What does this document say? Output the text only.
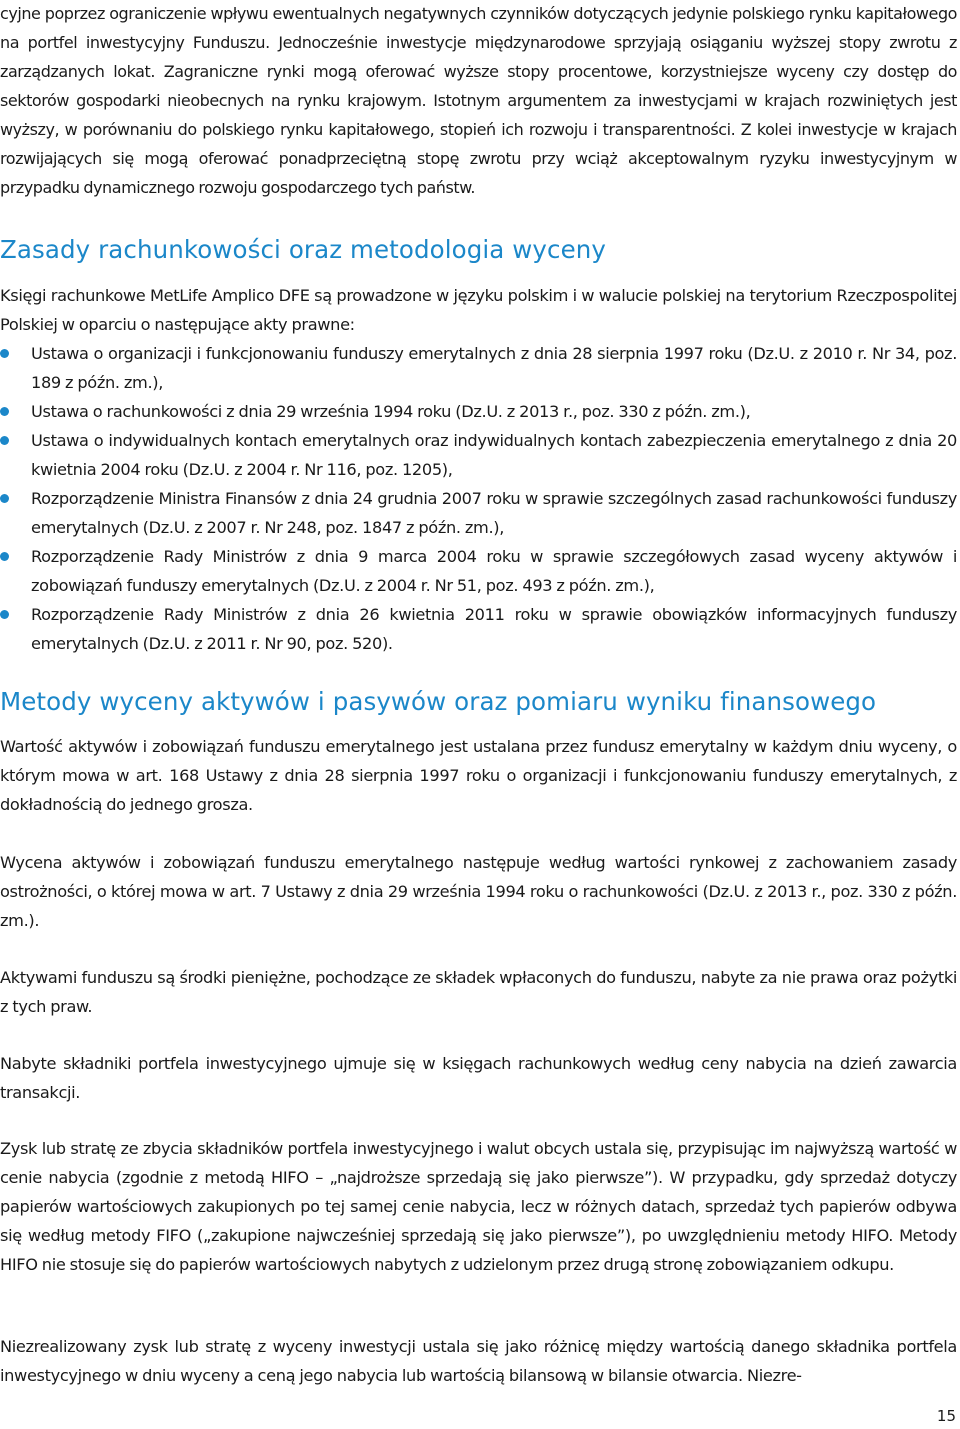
cyjne poprzez ograniczenie wpływu ewentualnych negatywnych czynników dotyczących jedynie polskiego rynku kapitałowego na portfel inwestycyjny Funduszu. Jednocześnie inwestycje międzynarodowe sprzyjają osiąganiu wyższej stopy zwrotu z zarządzanych lokat. Zagraniczne rynki mogą oferować wyższe stopy procentowe, korzystniejsze wyceny czy dostęp do sektorów gospodarki nieobecnych na rynku krajowym. Istotnym argumentem za inwestycjami w krajach rozwiniętych jest wyższy, w porównaniu do polskiego rynku kapitałowego, stopień ich rozwoju i transparentności. Z kolei inwestycje w krajach rozwijających się mogą oferować ponadprzeciętną stopę zwrotu przy wciąż akceptowalnym ryzyku inwestycyjnym w przypadku dynamicznego rozwoju gospodarczego tych państw.

Zasady rachunkowości oraz metodologia wyceny

Księgi rachunkowe MetLife Amplico DFE są prowadzone w języku polskim i w walucie polskiej na terytorium Rzeczpospolitej Polskiej w oparciu o następujące akty prawne:

Ustawa o organizacji i funkcjonowaniu funduszy emerytalnych z dnia 28 sierpnia 1997 roku (Dz.U. z 2010 r. Nr 34, poz. 189 z późn. zm.),
Ustawa o rachunkowości z dnia 29 września 1994 roku (Dz.U. z 2013 r., poz. 330 z późn. zm.),
Ustawa o indywidualnych kontach emerytalnych oraz indywidualnych kontach zabezpieczenia emerytalnego z dnia 20 kwietnia 2004 roku (Dz.U. z 2004 r. Nr 116, poz. 1205),
Rozporządzenie Ministra Finansów z dnia 24 grudnia 2007 roku w sprawie szczególnych zasad rachunkowości funduszy emerytalnych (Dz.U. z 2007 r. Nr 248, poz. 1847 z późn. zm.),
Rozporządzenie Rady Ministrów z dnia 9 marca 2004 roku w sprawie szczegółowych zasad wyceny aktywów i zobowiązań funduszy emerytalnych (Dz.U. z 2004 r. Nr 51, poz. 493 z późn. zm.),
Rozporządzenie Rady Ministrów z dnia 26 kwietnia 2011 roku w sprawie obowiązków informacyjnych funduszy emerytalnych (Dz.U. z 2011 r. Nr 90, poz. 520).
Metody wyceny aktywów i pasywów oraz pomiaru wyniku finansowego

Wartość aktywów i zobowiązań funduszu emerytalnego jest ustalana przez fundusz emerytalny w każdym dniu wyceny, o którym mowa w art. 168 Ustawy z dnia 28 sierpnia 1997 roku o organizacji i funkcjonowaniu funduszy emerytalnych, z dokładnością do jednego grosza.

Wycena aktywów i zobowiązań funduszu emerytalnego następuje według wartości rynkowej z zachowaniem zasady ostrożności, o której mowa w art. 7 Ustawy z dnia 29 września 1994 roku o rachunkowości (Dz.U. z 2013 r., poz. 330 z późn. zm.).

Aktywami funduszu są środki pieniężne, pochodzące ze składek wpłaconych do funduszu, nabyte za nie prawa oraz pożytki z tych praw.

Nabyte składniki portfela inwestycyjnego ujmuje się w księgach rachunkowych według ceny nabycia na dzień zawarcia transakcji.

Zysk lub stratę ze zbycia składników portfela inwestycyjnego i walut obcych ustala się, przypisując im najwyższą wartość w cenie nabycia (zgodnie z metodą HIFO – „najdroższe sprzedają się jako pierwsze”). W przypadku, gdy sprzedaż dotyczy papierów wartościowych zakupionych po tej samej cenie nabycia, lecz w różnych datach, sprzedaż tych papierów odbywa się według metody FIFO („zakupione najwcześniej sprzedają się jako pierwsze”), po uwzględnieniu metody HIFO. Metody HIFO nie stosuje się do papierów wartościowych nabytych z udzielonym przez drugą stronę zobowiązaniem odkupu.

Niezrealizowany zysk lub stratę z wyceny inwestycji ustala się jako różnicę między wartością danego składnika portfela inwestycyjnego w dniu wyceny a ceną jego nabycia lub wartością bilansową w bilansie otwarcia. Niezre-

15
